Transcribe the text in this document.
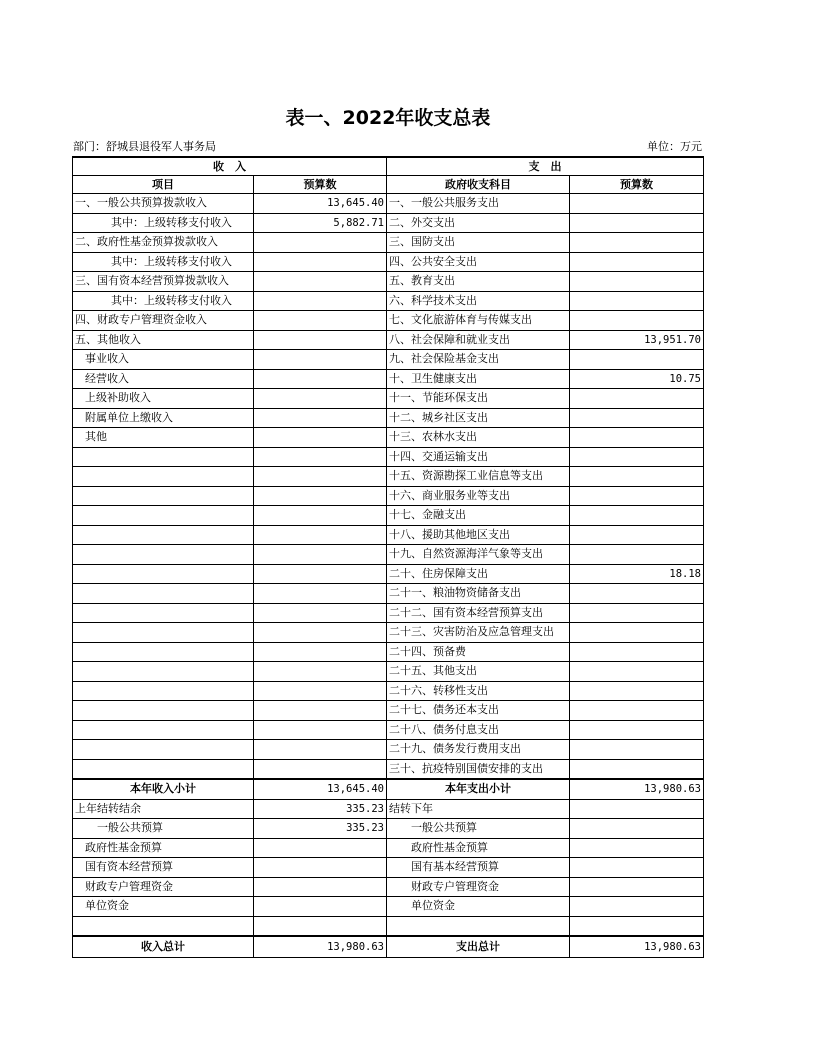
表一、2022年收支总表
部门：舒城县退役军人事务局	单位：万元
收　入		支　出	
项目	预算数	政府收支科目	预算数
一、一般公共预算拨款收入	13,645.40	一、一般公共服务支出	
其中：上级转移支付收入	5,882.71	二、外交支出	
二、政府性基金预算拨款收入		三、国防支出	
其中：上级转移支付收入		四、公共安全支出	
三、国有资本经营预算拨款收入		五、教育支出	
其中：上级转移支付收入		六、科学技术支出	
四、财政专户管理资金收入		七、文化旅游体育与传媒支出	
五、其他收入		八、社会保障和就业支出	13,951.70
事业收入		九、社会保险基金支出	
经营收入		十、卫生健康支出	10.75
上级补助收入		十一、节能环保支出	
附属单位上缴收入		十二、城乡社区支出	
其他		十三、农林水支出	
		十四、交通运输支出	
		十五、资源勘探工业信息等支出	
		十六、商业服务业等支出	
		十七、金融支出	
		十八、援助其他地区支出	
		十九、自然资源海洋气象等支出	
		二十、住房保障支出	18.18
		二十一、粮油物资储备支出	
		二十二、国有资本经营预算支出	
		二十三、灾害防治及应急管理支出	
		二十四、预备费	
		二十五、其他支出	
		二十六、转移性支出	
		二十七、债务还本支出	
		二十八、债务付息支出	
		二十九、债务发行费用支出	
		三十、抗疫特别国债安排的支出	
本年收入小计	13,645.40	本年支出小计	13,980.63
上年结转结余	335.23	结转下年	
一般公共预算	335.23	一般公共预算	
政府性基金预算		政府性基金预算	
国有资本经营预算		国有基本经营预算	
财政专户管理资金		财政专户管理资金	
单位资金		单位资金	

收入总计	13,980.63	支出总计	13,980.63
